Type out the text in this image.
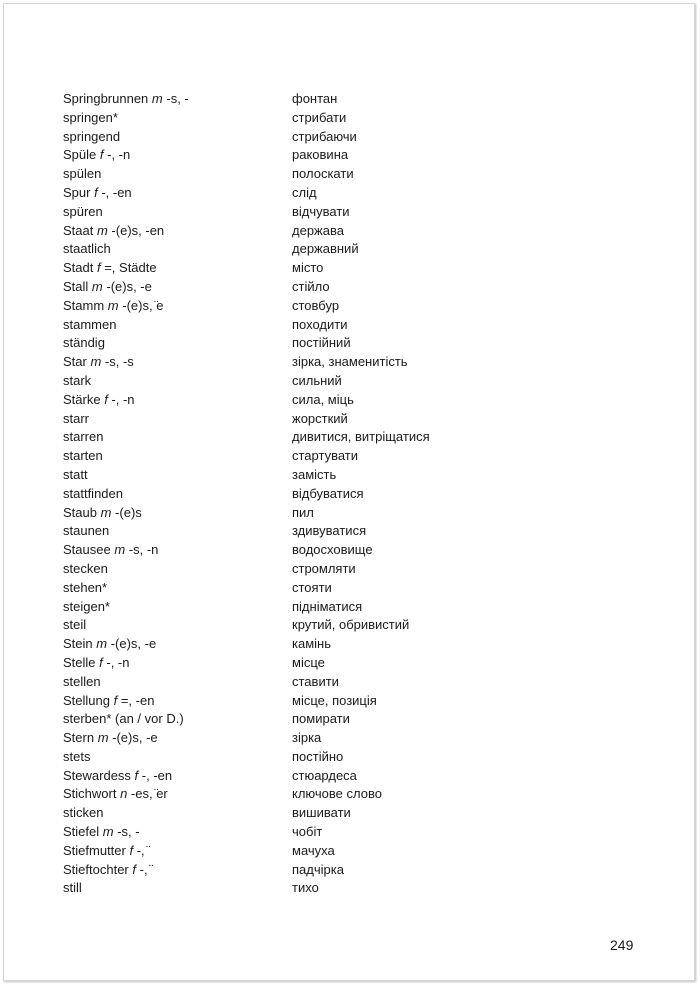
Springbrunnen m -s, -	фонтан
springen*	стрибати
springend	стрибаючи
Spüle f -, -n	раковина
spülen	полоскати
Spur f -, -en	слід
spüren	відчувати
Staat m -(e)s, -en	держава
staatlich	державний
Stadt f =, Städte	місто
Stall m -(e)s, -e	стійло
Stamm m -(e)s, ̈e	стовбур
stammen	походити
ständig	постійний
Star m -s, -s	зірка, знаменитість
stark	сильний
Stärke f -, -n	сила, міць
starr	жорсткий
starren	дивитися, витріщатися
starten	стартувати
statt	замість
stattfinden	відбуватися
Staub m -(e)s	пил
staunen	здивуватися
Stausee m -s, -n	водосховище
stecken	стромляти
stehen*	стояти
steigen*	підніматися
steil	крутий, обривистий
Stein m -(e)s, -e	камінь
Stelle f -, -n	місце
stellen	ставити
Stellung f =, -en	місце, позиція
sterben* (an / vor D.)	помирати
Stern m -(e)s, -e	зірка
stets	постійно
Stewardess f -, -en	стюардеса
Stichwort n -es, ̈er	ключове слово
sticken	вишивати
Stiefel m -s, -	чобіт
Stiefmutter f -, ̈	мачуха
Stieftochter f -, ̈	падчірка
still	тихо
249
